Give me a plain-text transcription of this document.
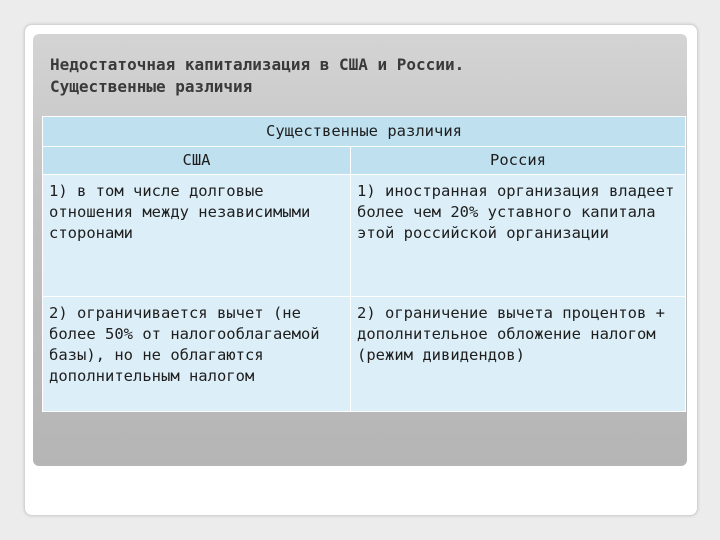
Недостаточная капитализация в США и России.
Существенные различия
Существенные различия	
США	Россия
1) в том числе долговые отношения между независимыми сторонами	1) иностранная организация владеет более чем 20% уставного капитала этой российской организации
2) ограничивается вычет (не более 50% от налогооблагаемой базы), но не облагаются дополнительным налогом	2) ограничение вычета процентов + дополнительное обложение налогом (режим дивидендов)
